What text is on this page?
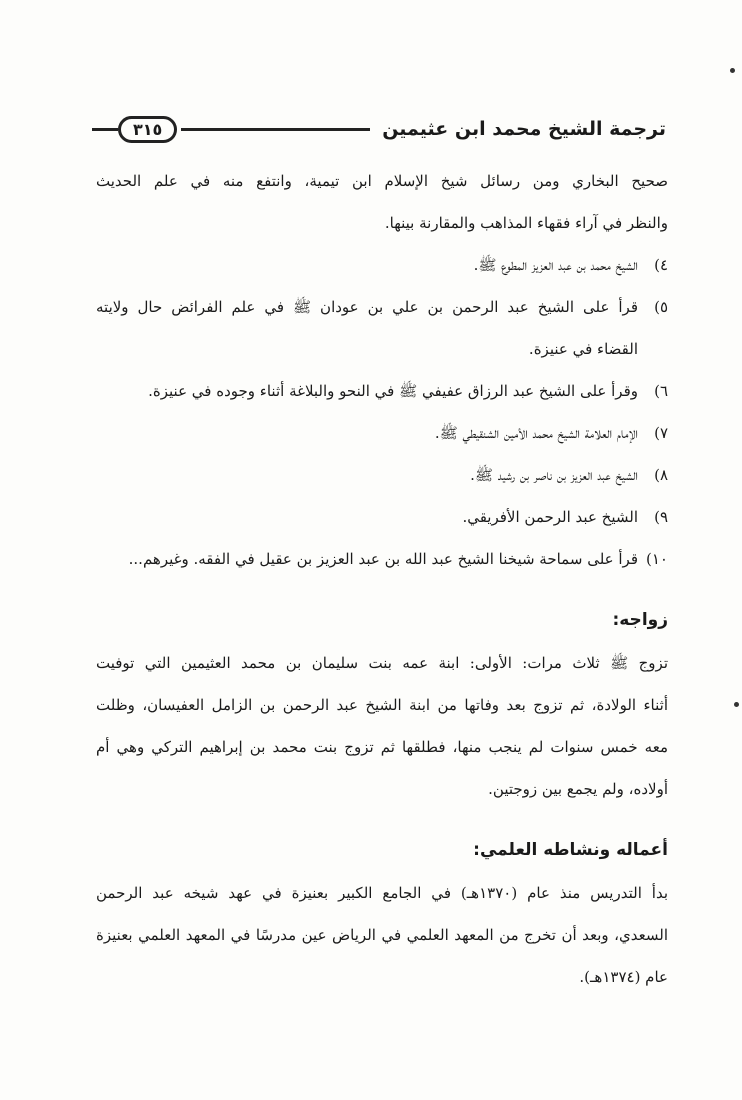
ترجمة الشيخ محمد ابن عثيمين
٣١٥
صحيح البخاري ومن رسائل شيخ الإسلام ابن تيمية، وانتفع منه في علم الحديث
والنظر في آراء فقهاء المذاهب والمقارنة بينها.
٤)
الشيخ محمد بن عبد العزيز المطوع ﷺ.
٥)
قرأ على الشيخ عبد الرحمن بن علي بن عودان ﷺ في علم الفرائض حال ولايته
القضاء في عنيزة.
٦)
وقرأ على الشيخ عبد الرزاق عفيفي ﷺ في النحو والبلاغة أثناء وجوده في عنيزة.
٧)
الإمام العلامة الشيخ محمد الأمين الشنقيطي ﷺ.
٨)
الشيخ عبد العزيز بن ناصر بن رشيد ﷺ.
٩)
الشيخ عبد الرحمن الأفريقي.
١٠)
قرأ على سماحة شيخنا الشيخ عبد الله بن عبد العزيز بن عقيل في الفقه. وغيرهم...
زواجه:
تزوج ﷺ ثلاث مرات: الأولى: ابنة عمه بنت سليمان بن محمد العثيمين التي توفيت
أثناء الولادة، ثم تزوج بعد وفاتها من ابنة الشيخ عبد الرحمن بن الزامل العفيسان، وظلت
معه خمس سنوات لم ينجب منها، فطلقها ثم تزوج بنت محمد بن إبراهيم التركي وهي أم
أولاده، ولم يجمع بين زوجتين.
أعماله ونشاطه العلمي:
بدأ التدريس منذ عام (١٣٧٠هـ) في الجامع الكبير بعنيزة في عهد شيخه عبد الرحمن
السعدي، وبعد أن تخرج من المعهد العلمي في الرياض عين مدرسًا في المعهد العلمي بعنيزة
عام (١٣٧٤هـ).
